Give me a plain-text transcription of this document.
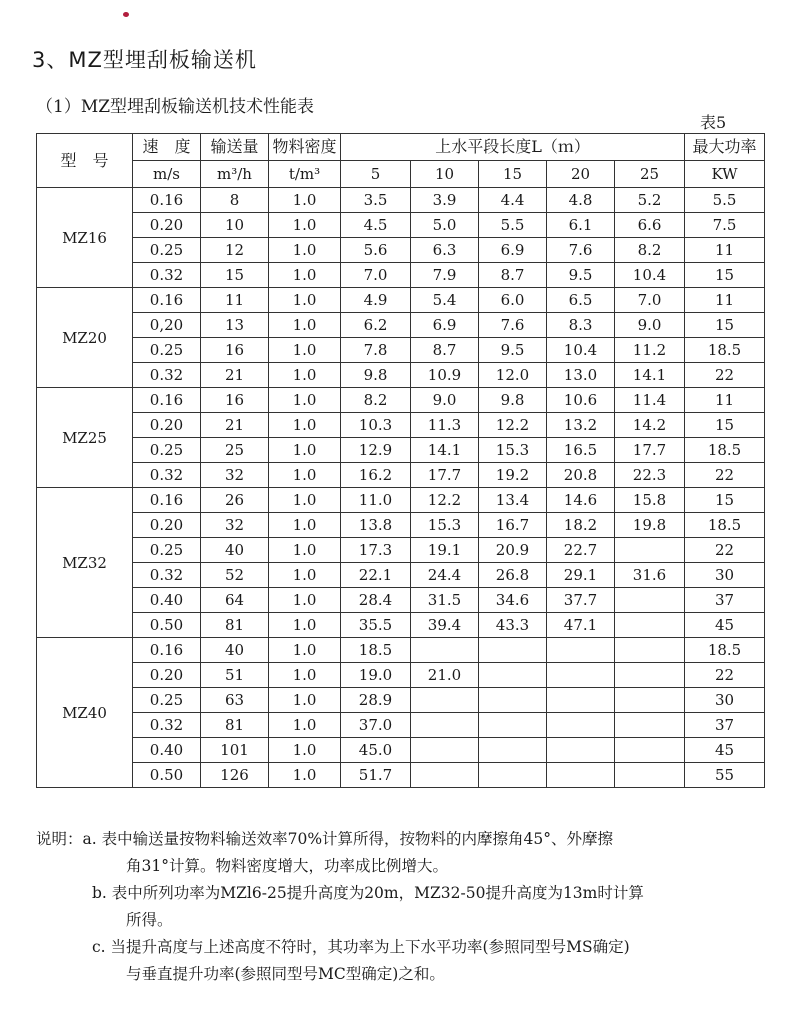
3、MZ型埋刮板输送机
（1）MZ型埋刮板输送机技术性能表
表5
型　号	速　度	输送量	物料密度	上水平段长度L（ｍ）					最大功率
	m/s	m³/h	t/m³	5	10	15	20	25	KW
MZ16	0.16	8	1.0	3.5	3.9	4.4	4.8	5.2	5.5
	0.20	10	1.0	4.5	5.0	5.5	6.1	6.6	7.5
	0.25	12	1.0	5.6	6.3	6.9	7.6	8.2	11
	0.32	15	1.0	7.0	7.9	8.7	9.5	10.4	15
MZ20	0.16	11	1.0	4.9	5.4	6.0	6.5	7.0	11
	0,20	13	1.0	6.2	6.9	7.6	8.3	9.0	15
	0.25	16	1.0	7.8	8.7	9.5	10.4	11.2	18.5
	0.32	21	1.0	9.8	10.9	12.0	13.0	14.1	22
MZ25	0.16	16	1.0	8.2	9.0	9.8	10.6	11.4	11
	0.20	21	1.0	10.3	11.3	12.2	13.2	14.2	15
	0.25	25	1.0	12.9	14.1	15.3	16.5	17.7	18.5
	0.32	32	1.0	16.2	17.7	19.2	20.8	22.3	22
MZ32	0.16	26	1.0	11.0	12.2	13.4	14.6	15.8	15
	0.20	32	1.0	13.8	15.3	16.7	18.2	19.8	18.5
	0.25	40	1.0	17.3	19.1	20.9	22.7		22
	0.32	52	1.0	22.1	24.4	26.8	29.1	31.6	30
	0.40	64	1.0	28.4	31.5	34.6	37.7		37
	0.50	81	1.0	35.5	39.4	43.3	47.1		45
MZ40	0.16	40	1.0	18.5					18.5
	0.20	51	1.0	19.0	21.0				22
	0.25	63	1.0	28.9					30
	0.32	81	1.0	37.0					37
	0.40	101	1.0	45.0					45
	0.50	126	1.0	51.7					55
说明：a. 表中输送量按物料输送效率70%计算所得，按物料的内摩擦角45°、外摩擦
角31°计算。物料密度增大，功率成比例增大。
b. 表中所列功率为MZl6-25提升高度为20m，MZ32-50提升高度为13m时计算
所得。
c. 当提升高度与上述高度不符时，其功率为上下水平功率(参照同型号MS确定)
与垂直提升功率(参照同型号MC型确定)之和。
